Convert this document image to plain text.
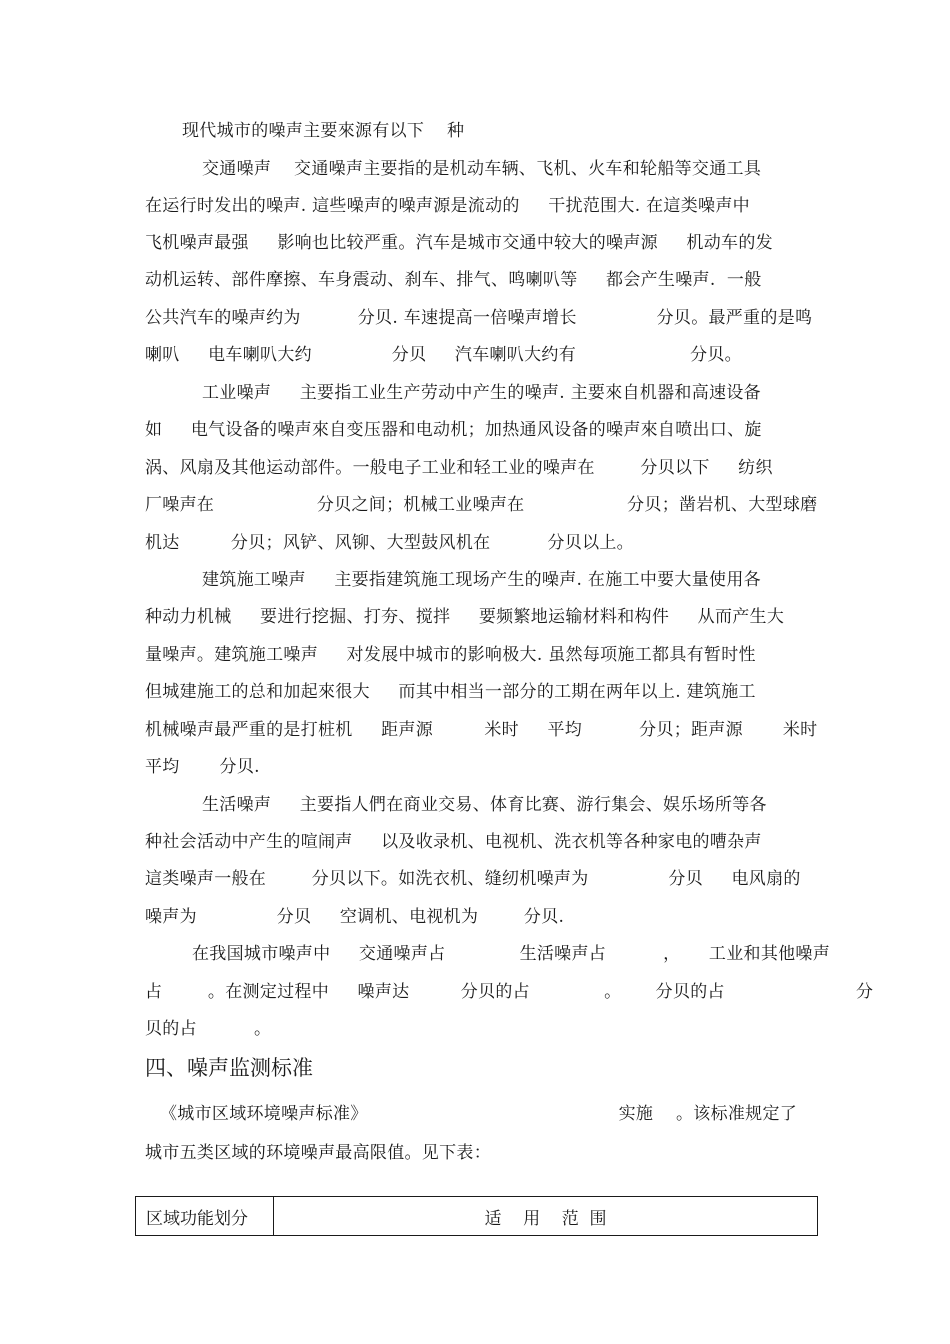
现代城市的噪声主要來源有以下    种
交通噪声    交通噪声主要指的是机动车辆、飞机、火车和轮船等交通工具
在运行时发出的噪声. 這些噪声的噪声源是流动的     干扰范围大. 在這类噪声中
飞机噪声最强     影响也比较严重。汽车是城市交通中较大的噪声源     机动车的发
动机运转、部件摩擦、车身震动、刹车、排气、鸣喇叭等     都会产生噪声.  一般
公共汽车的噪声约为          分贝. 车速提高一倍噪声增长              分贝。最严重的是鸣
喇叭     电车喇叭大约              分贝     汽车喇叭大约有                    分贝。
工业噪声     主要指工业生产劳动中产生的噪声. 主要來自机器和高速设备
如     电气设备的噪声來自变压器和电动机；加热通风设备的噪声來自喷出口、旋
涡、风扇及其他运动部件。一般电子工业和轻工业的噪声在        分贝以下     纺织
厂噪声在                  分贝之间；机械工业噪声在                  分贝；凿岩机、大型球磨
机达         分贝；风铲、风铆、大型鼓风机在          分贝以上。
建筑施工噪声     主要指建筑施工现场产生的噪声. 在施工中要大量使用各
种动力机械     要进行挖掘、打夯、搅拌     要频繁地运输材料和构件     从而产生大
量噪声。建筑施工噪声     对发展中城市的影响极大. 虽然每项施工都具有暂时性
但城建施工的总和加起來很大     而其中相当一部分的工期在两年以上. 建筑施工
机械噪声最严重的是打桩机     距声源         米时     平均          分贝；距声源       米时
平均       分贝.
生活噪声     主要指人們在商业交易、体育比赛、游行集会、娱乐场所等各
种社会活动中产生的喧闹声     以及收录机、电视机、洗衣机等各种家电的嘈杂声
這类噪声一般在        分贝以下。如洗衣机、缝纫机噪声为              分贝     电风扇的
噪声为              分贝     空调机、电视机为        分贝.
在我国城市噪声中     交通噪声占             生活噪声占          ，     工业和其他噪声
占        。在测定过程中     噪声达         分贝的占             。      分贝的占                       分
贝的占          。
四、噪声监测标准
《城市区域环境噪声标准》                                            实施    。该标准规定了
城市五类区域的环境噪声最高限值。见下表：
区域功能划分	适    用    范  围
